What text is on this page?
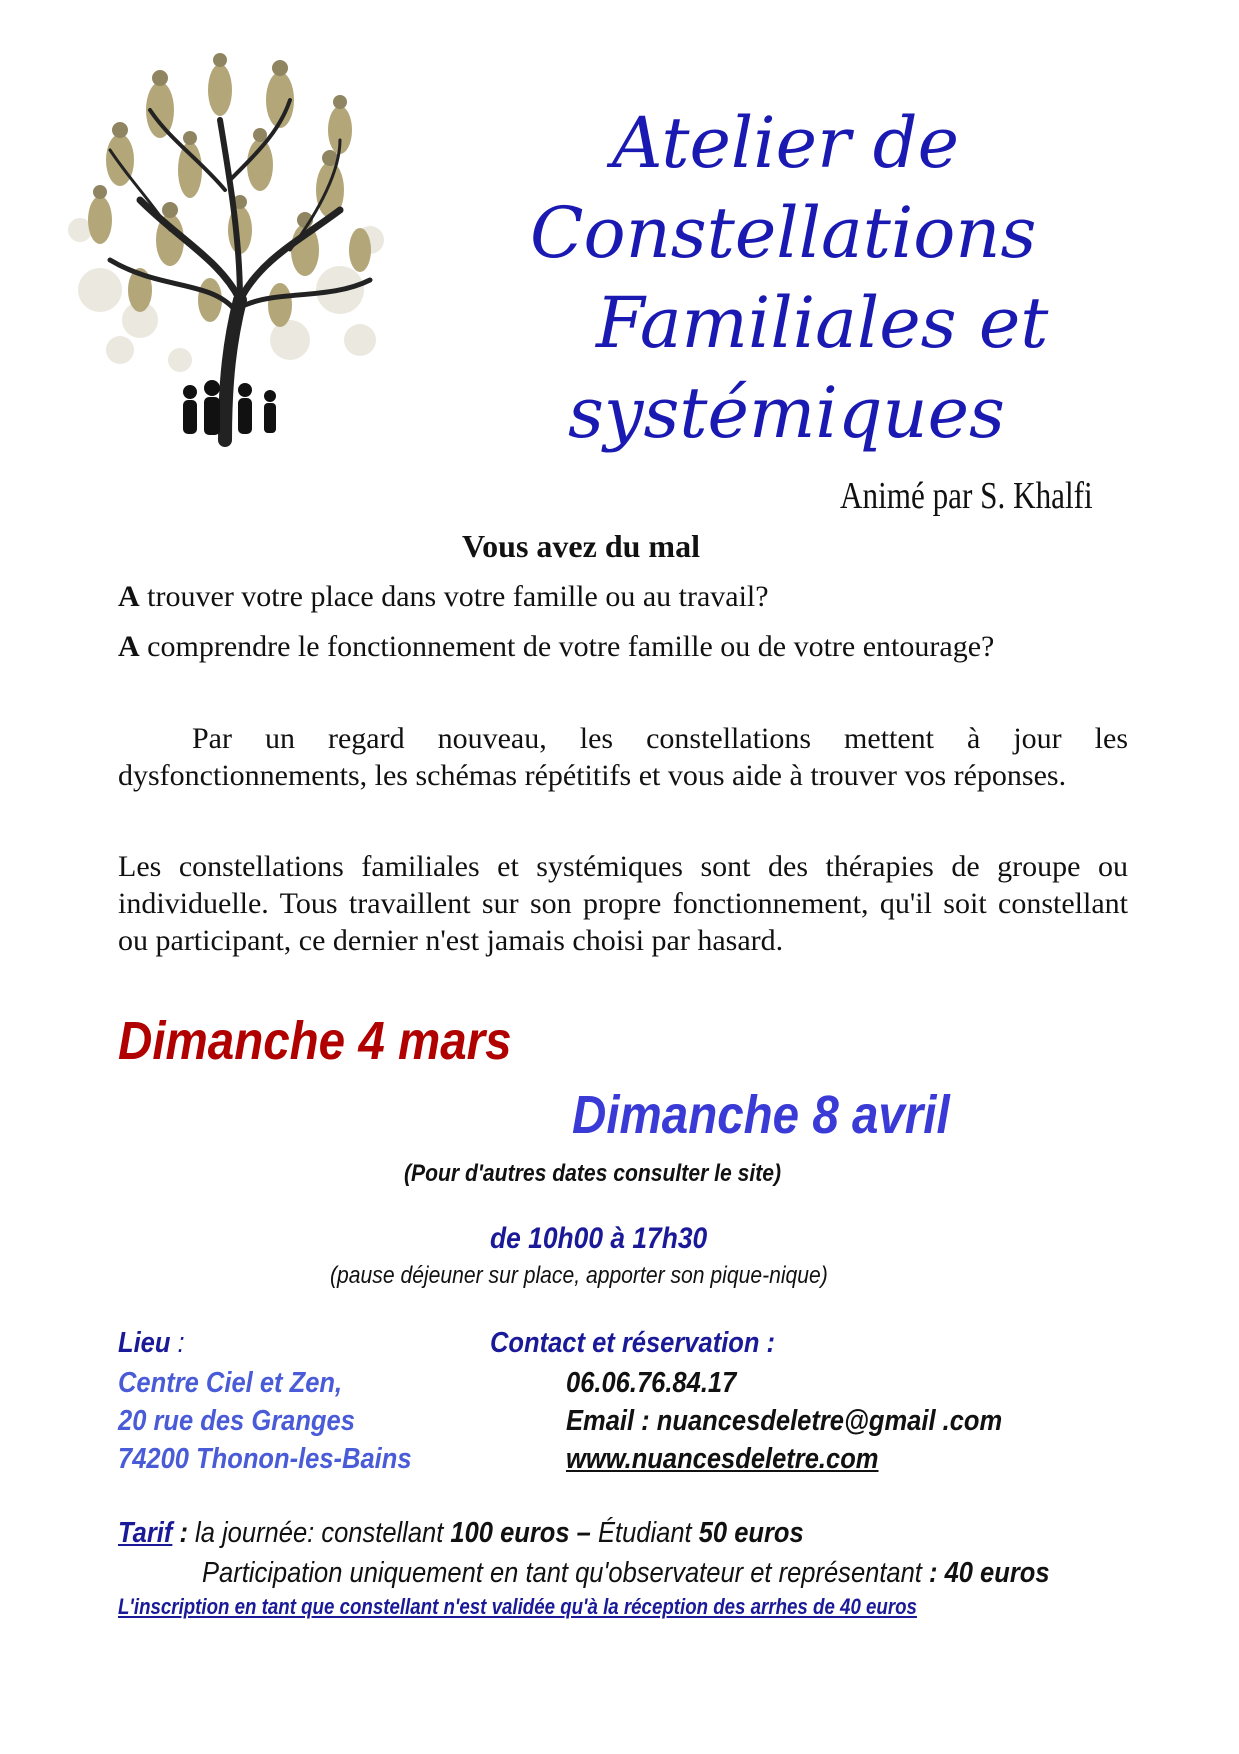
Atelier de
Constellations
Familiales et
systémiques
Animé par S. Khalfi
Vous avez du mal
A trouver votre place dans votre famille ou au travail?
A comprendre le fonctionnement de votre famille ou de votre entourage?
Par un regard nouveau, les constellations mettent à jour les dysfonctionnements, les schémas répétitifs et vous aide à trouver vos réponses.
Les constellations familiales et systémiques sont des thérapies de groupe ou individuelle. Tous travaillent sur son propre fonctionnement, qu'il soit constellant ou participant, ce dernier n'est jamais choisi par hasard.
Dimanche 4 mars
Dimanche 8 avril
(Pour d'autres dates consulter le site)
de 10h00 à 17h30
(pause déjeuner sur place, apporter son pique-nique)
Lieu :
Centre Ciel et Zen,
20 rue des Granges
74200 Thonon-les-Bains
Contact et réservation :
06.06.76.84.17
Email : nuancesdeletre@gmail .com
www.nuancesdeletre.com
Tarif : la journée: constellant 100 euros – Étudiant 50 euros
Participation uniquement en tant qu'observateur et représentant : 40 euros
L'inscription en tant que constellant n'est validée qu'à la réception des arrhes de 40 euros
